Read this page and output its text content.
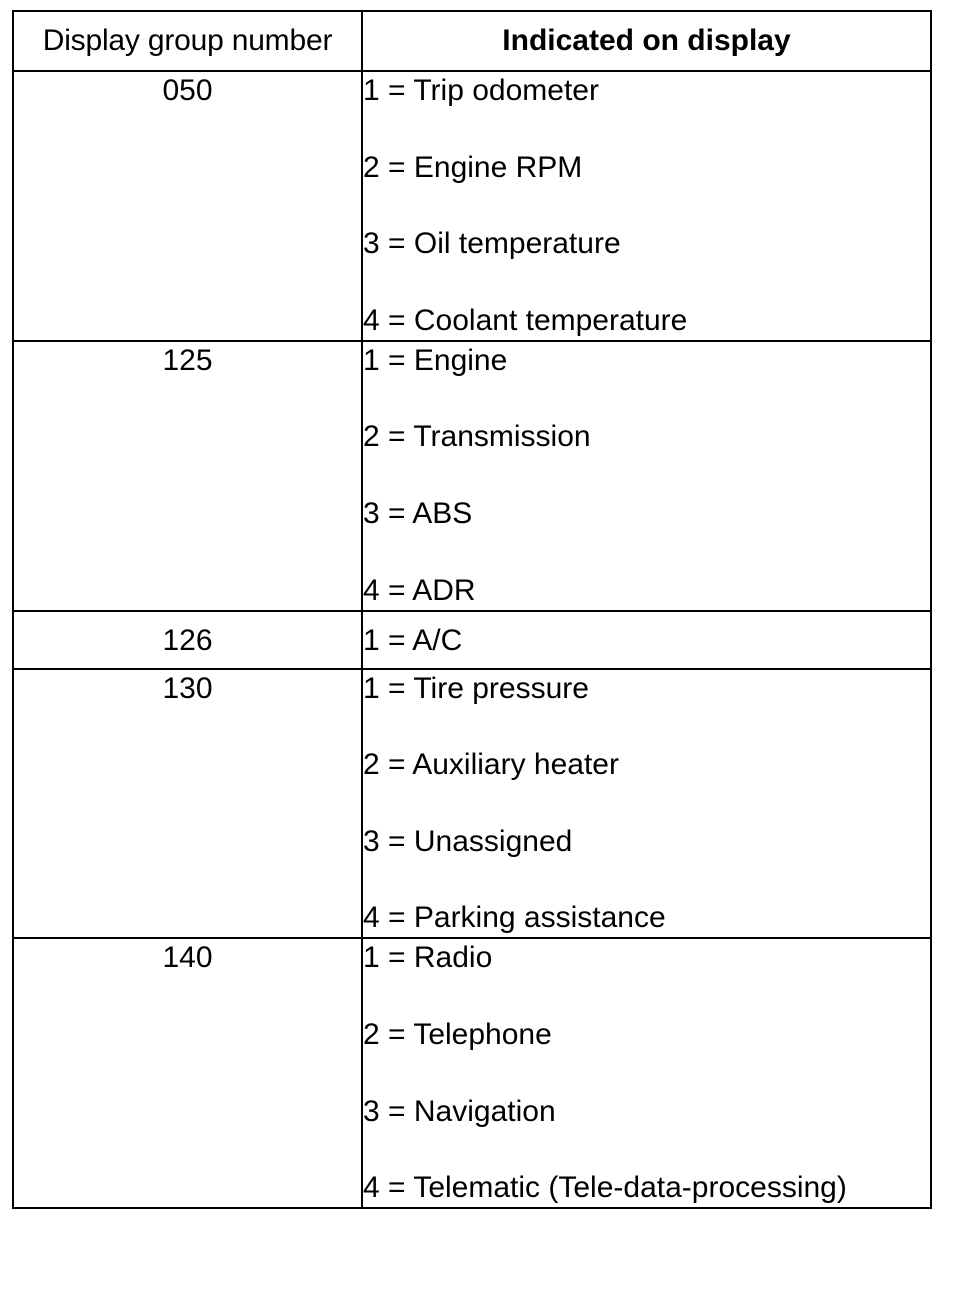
Display group number	Indicated on display
050	1 = Trip odometer
2 = Engine RPM
3 = Oil temperature
4 = Coolant temperature

125	1 = Engine
2 = Transmission
3 = ABS
4 = ADR

126	1 = A/C

130	1 = Tire pressure
2 = Auxiliary heater
3 = Unassigned
4 = Parking assistance

140	1 = Radio
2 = Telephone
3 = Navigation
4 = Telematic (Tele-data-processing)
